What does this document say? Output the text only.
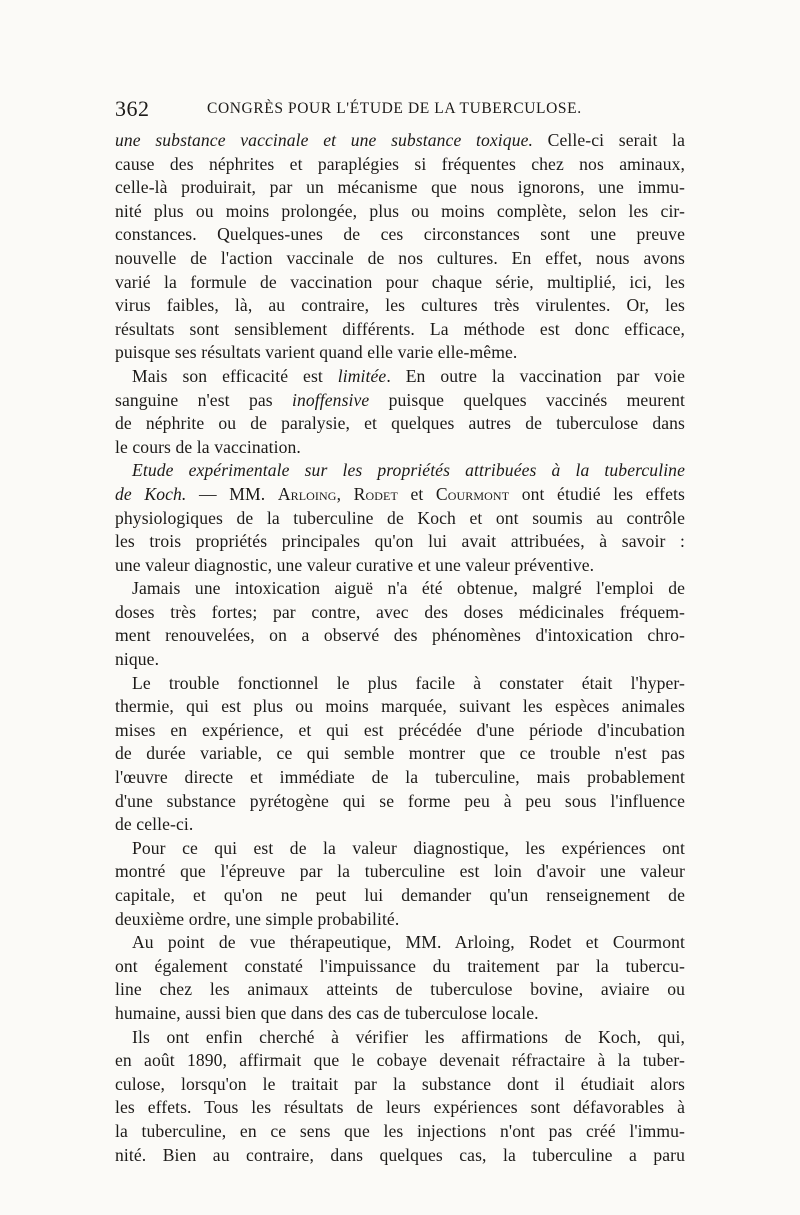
362	CONGRÈS POUR L'ÉTUDE DE LA TUBERCULOSE.
une substance vaccinale et une substance toxique. Celle-ci serait la
cause des néphrites et paraplégies si fréquentes chez nos aminaux,
celle-là produirait, par un mécanisme que nous ignorons, une immu-
nité plus ou moins prolongée, plus ou moins complète, selon les cir-
constances. Quelques-unes de ces circonstances sont une preuve
nouvelle de l'action vaccinale de nos cultures. En effet, nous avons
varié la formule de vaccination pour chaque série, multiplié, ici, les
virus faibles, là, au contraire, les cultures très virulentes. Or, les
résultats sont sensiblement différents. La méthode est donc efficace,
puisque ses résultats varient quand elle varie elle-même.
Mais son efficacité est limitée. En outre la vaccination par voie
sanguine n'est pas inoffensive puisque quelques vaccinés meurent
de néphrite ou de paralysie, et quelques autres de tuberculose dans
le cours de la vaccination.
Etude expérimentale sur les propriétés attribuées à la tuberculine
de Koch. — MM. Arloing, Rodet et Courmont ont étudié les effets
physiologiques de la tuberculine de Koch et ont soumis au contrôle
les trois propriétés principales qu'on lui avait attribuées, à savoir :
une valeur diagnostic, une valeur curative et une valeur préventive.
Jamais une intoxication aiguë n'a été obtenue, malgré l'emploi de
doses très fortes; par contre, avec des doses médicinales fréquem-
ment renouvelées, on a observé des phénomènes d'intoxication chro-
nique.
Le trouble fonctionnel le plus facile à constater était l'hyper-
thermie, qui est plus ou moins marquée, suivant les espèces animales
mises en expérience, et qui est précédée d'une période d'incubation
de durée variable, ce qui semble montrer que ce trouble n'est pas
l'œuvre directe et immédiate de la tuberculine, mais probablement
d'une substance pyrétogène qui se forme peu à peu sous l'influence
de celle-ci.
Pour ce qui est de la valeur diagnostique, les expériences ont
montré que l'épreuve par la tuberculine est loin d'avoir une valeur
capitale, et qu'on ne peut lui demander qu'un renseignement de
deuxième ordre, une simple probabilité.
Au point de vue thérapeutique, MM. Arloing, Rodet et Courmont
ont également constaté l'impuissance du traitement par la tubercu-
line chez les animaux atteints de tuberculose bovine, aviaire ou
humaine, aussi bien que dans des cas de tuberculose locale.
Ils ont enfin cherché à vérifier les affirmations de Koch, qui,
en août 1890, affirmait que le cobaye devenait réfractaire à la tuber-
culose, lorsqu'on le traitait par la substance dont il étudiait alors
les effets. Tous les résultats de leurs expériences sont défavorables à
la tuberculine, en ce sens que les injections n'ont pas créé l'immu-
nité. Bien au contraire, dans quelques cas, la tuberculine a paru
